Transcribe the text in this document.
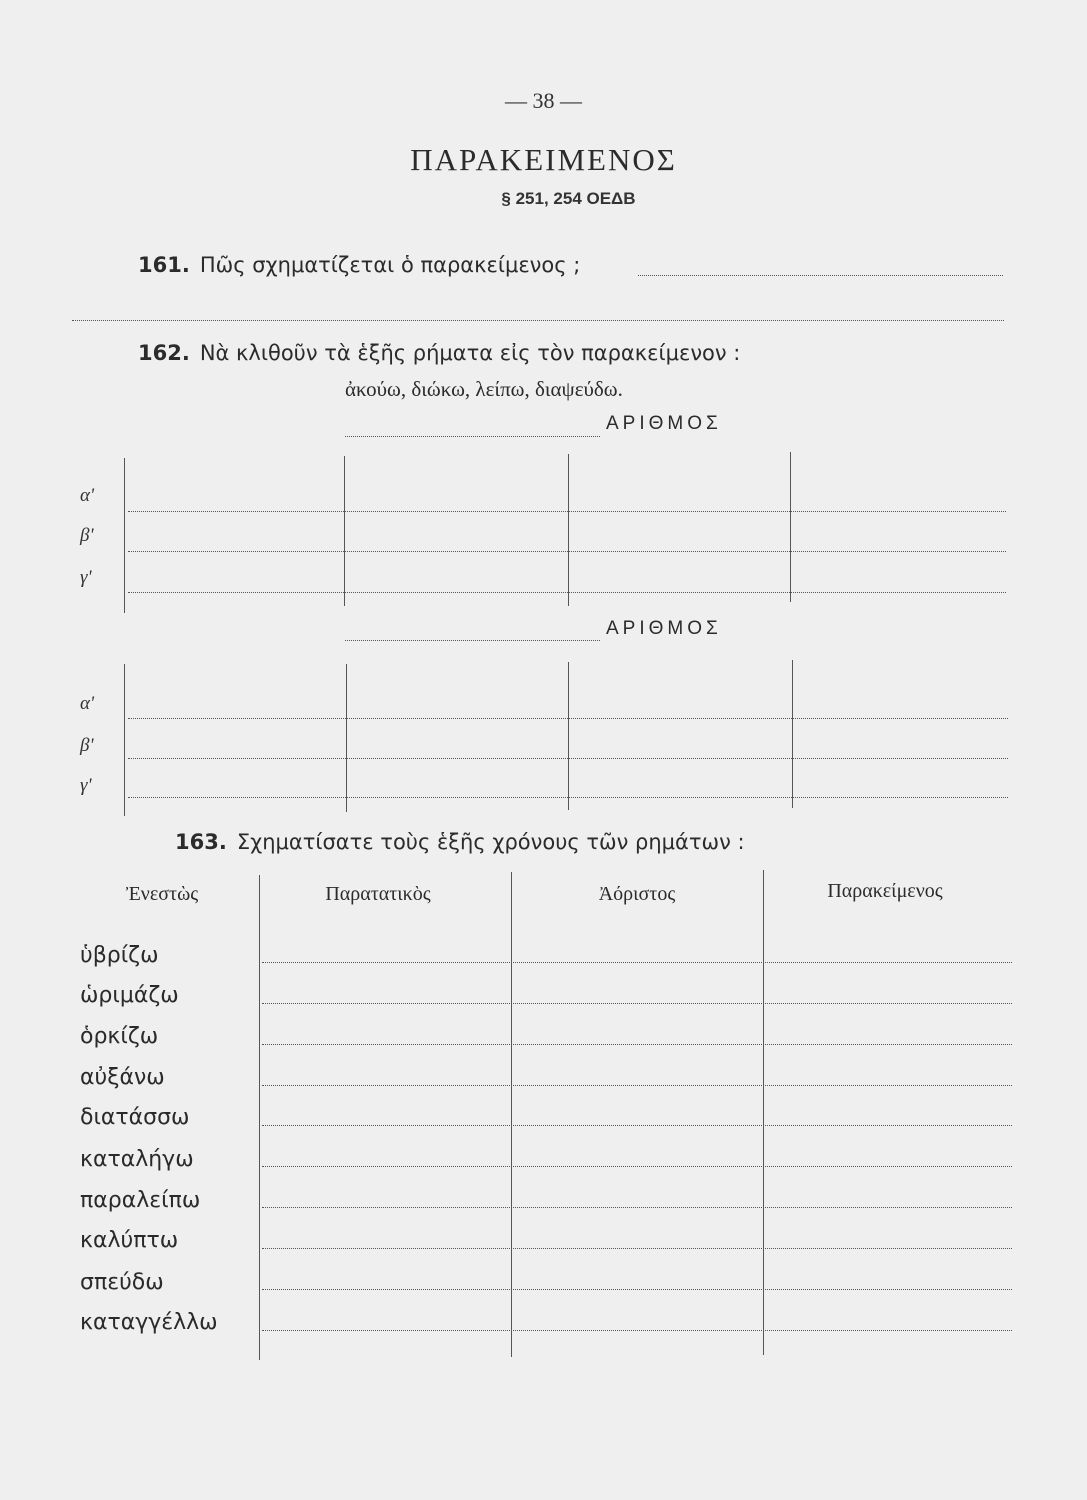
— 38 —
ΠΑΡΑΚΕΙΜΕΝΟΣ
§ 251, 254 ΟΕΔΒ
161. Πῶς σχηματίζεται ὁ παρακείμενος ;
162. Νὰ κλιθοῦν τὰ ἑξῆς ρήματα εἰς τὸν παρακείμενον :
ἀκούω, διώκω, λείπω, διαψεύδω.
ΑΡΙΘΜΟΣ
α'
β'
γ'
ΑΡΙΘΜΟΣ
α'
β'
γ'
163. Σχηματίσατε τοὺς ἑξῆς χρόνους τῶν ρημάτων :
Ἐνεστὼς	Παρατατικὸς	Ἀόριστος	Παρακείμενος
ὑβρίζω
ὡριμάζω
ὁρκίζω
αὐξάνω
διατάσσω
καταλήγω
παραλείπω
καλύπτω
σπεύδω
καταγγέλλω
